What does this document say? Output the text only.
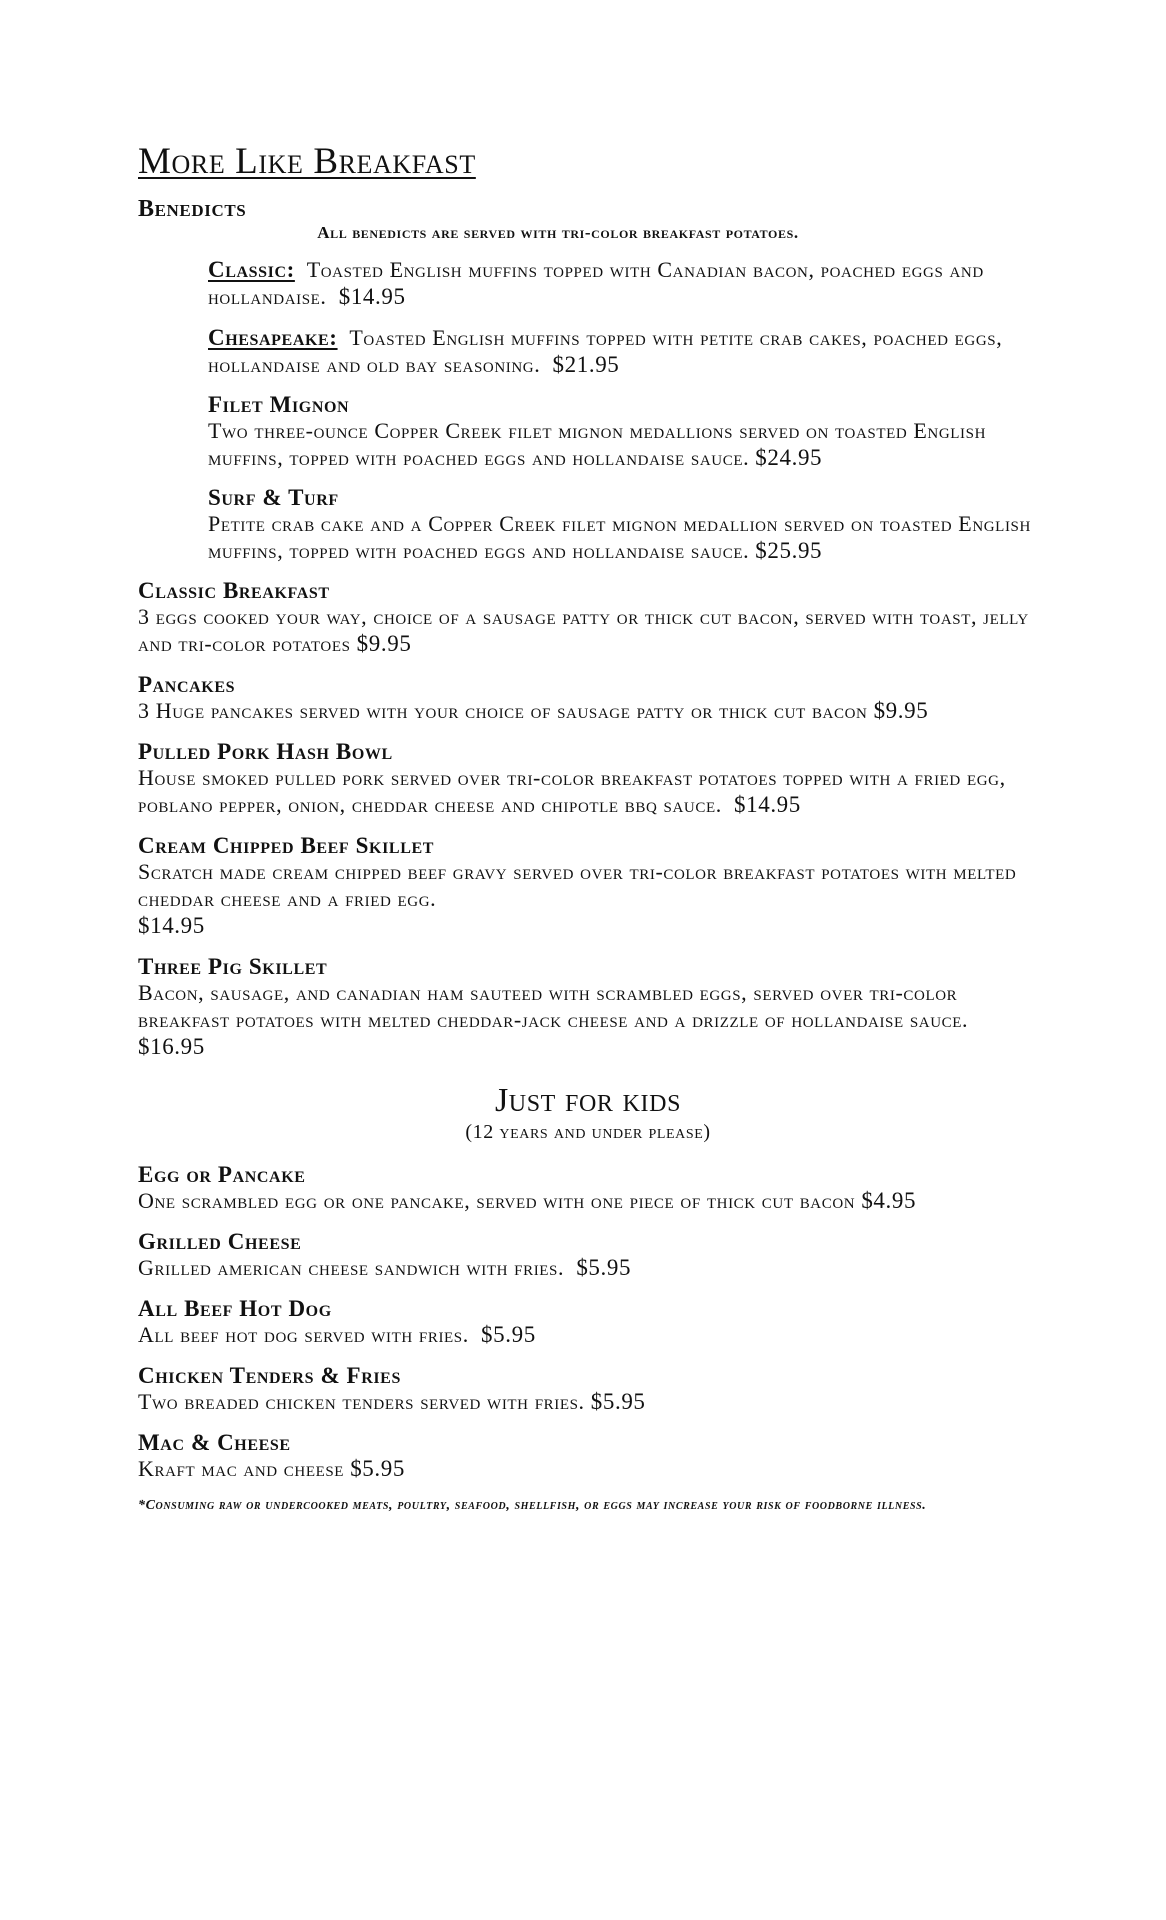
More Like Breakfast
Benedicts
All benedicts are served with tri-color breakfast potatoes.
Classic: Toasted English muffins topped with Canadian bacon, poached eggs and hollandaise. $14.95
Chesapeake: Toasted English muffins topped with petite crab cakes, poached eggs, hollandaise and old bay seasoning. $21.95
Filet Mignon
Two three-ounce Copper Creek filet mignon medallions served on toasted English muffins, topped with poached eggs and hollandaise sauce. $24.95
Surf & Turf
Petite crab cake and a Copper Creek filet mignon medallion served on toasted English muffins, topped with poached eggs and hollandaise sauce. $25.95
Classic Breakfast
3 eggs cooked your way, choice of a sausage patty or thick cut bacon, served with toast, jelly and tri-color potatoes $9.95
Pancakes
3 Huge pancakes served with your choice of sausage patty or thick cut bacon $9.95
Pulled Pork Hash Bowl
House smoked pulled pork served over tri-color breakfast potatoes topped with a fried egg, poblano pepper, onion, cheddar cheese and chipotle bbq sauce. $14.95
Cream Chipped Beef Skillet
Scratch made cream chipped beef gravy served over tri-color breakfast potatoes with melted cheddar cheese and a fried egg.
$14.95
Three Pig Skillet
Bacon, sausage, and canadian ham sauteed with scrambled eggs, served over tri-color breakfast potatoes with melted cheddar-jack cheese and a drizzle of hollandaise sauce.  $16.95
Just for kids
(12 years and under please)
Egg or Pancake
One scrambled egg or one pancake, served with one piece of thick cut bacon $4.95
Grilled Cheese
Grilled american cheese sandwich with fries. $5.95
All Beef Hot Dog
All beef hot dog served with fries. $5.95
Chicken Tenders & Fries
Two breaded chicken tenders served with fries. $5.95
Mac & Cheese
Kraft mac and cheese $5.95
*Consuming raw or undercooked meats, poultry, seafood, shellfish, or eggs may increase your risk of foodborne illness.
